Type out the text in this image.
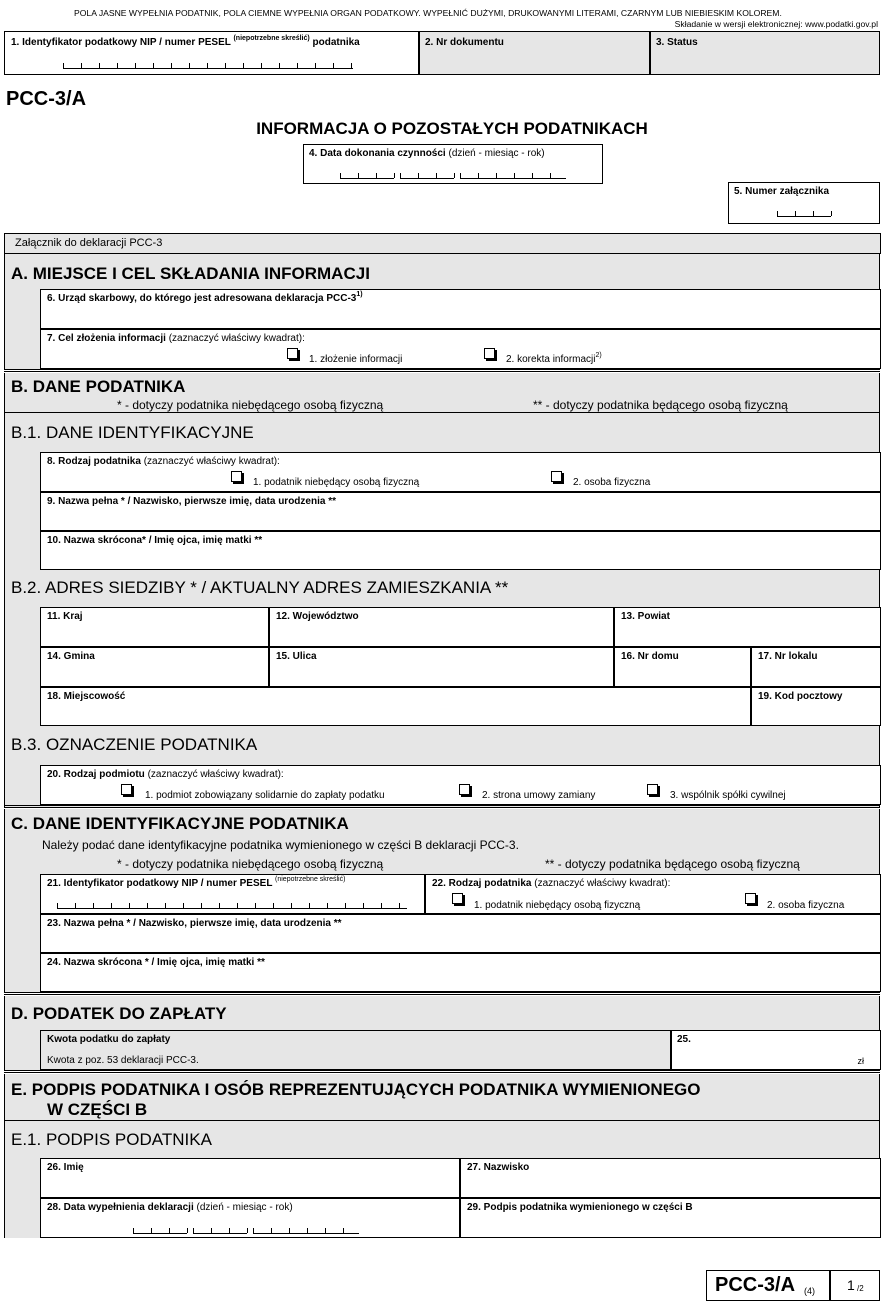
POLA JASNE WYPEŁNIA PODATNIK, POLA CIEMNE WYPEŁNIA ORGAN PODATKOWY. WYPEŁNIĆ DUŻYMI, DRUKOWANYMI LITERAMI, CZARNYM LUB NIEBIESKIM KOLOREM.
Składanie w wersji elektronicznej: www.podatki.gov.pl
1. Identyfikator podatkowy NIP / numer PESEL $^{(niepotrzebne skreślić)}$ podatnika	2. Nr dokumentu	3. Status
PCC-3/A
INFORMACJA O POZOSTAŁYCH PODATNIKACH
4. Data dokonania czynności (dzień - miesiąc - rok)
5. Numer załącznika
Załącznik do deklaracji PCC-3
A. MIEJSCE I CEL SKŁADANIA INFORMACJI
6. Urząd skarbowy, do którego jest adresowana deklaracja PCC-3$^{1)}$
7. Cel złożenia informacji (zaznaczyć właściwy kwadrat):
1. złożenie informacji	2. korekta informacji$^{2)}$
B. DANE PODATNIKA
* - dotyczy podatnika niebędącego osobą fizyczną	** - dotyczy podatnika będącego osobą fizyczną
B.1. DANE IDENTYFIKACYJNE
8. Rodzaj podatnika (zaznaczyć właściwy kwadrat):
1. podatnik niebędący osobą fizyczną	2. osoba fizyczna
9. Nazwa pełna * / Nazwisko, pierwsze imię, data urodzenia **
10. Nazwa skrócona* / Imię ojca, imię matki **
B.2. ADRES SIEDZIBY * / AKTUALNY ADRES ZAMIESZKANIA **
11. Kraj	12. Województwo	13. Powiat
14. Gmina	15. Ulica	16. Nr domu	17. Nr lokalu
18. Miejscowość	19. Kod pocztowy
B.3. OZNACZENIE PODATNIKA
20. Rodzaj podmiotu (zaznaczyć właściwy kwadrat):
1. podmiot zobowiązany solidarnie do zapłaty podatku	2. strona umowy zamiany	3. wspólnik spółki cywilnej
C. DANE IDENTYFIKACYJNE PODATNIKA
Należy podać dane identyfikacyjne podatnika wymienionego w części B deklaracji PCC-3.
* - dotyczy podatnika niebędącego osobą fizyczną	** - dotyczy podatnika będącego osobą fizyczną
21. Identyfikator podatkowy NIP / numer PESEL $^{(niepotrzebne skreślić)}$	22. Rodzaj podatnika (zaznaczyć właściwy kwadrat):
1. podatnik niebędący osobą fizyczną	2. osoba fizyczna
23. Nazwa pełna * / Nazwisko, pierwsze imię, data urodzenia **
24. Nazwa skrócona * / Imię ojca, imię matki **
D. PODATEK DO ZAPŁATY
Kwota podatku do zapłaty
Kwota z poz. 53 deklaracji PCC-3.
25.
zł
E. PODPIS PODATNIKA I OSÓB REPREZENTUJĄCYCH PODATNIKA WYMIENIONEGO
W CZĘŚCI B
E.1. PODPIS PODATNIKA
26. Imię	27. Nazwisko
28. Data wypełnienia deklaracji (dzień - miesiąc - rok)	29. Podpis podatnika wymienionego w części B
PCC-3/A (4) 1 /2
